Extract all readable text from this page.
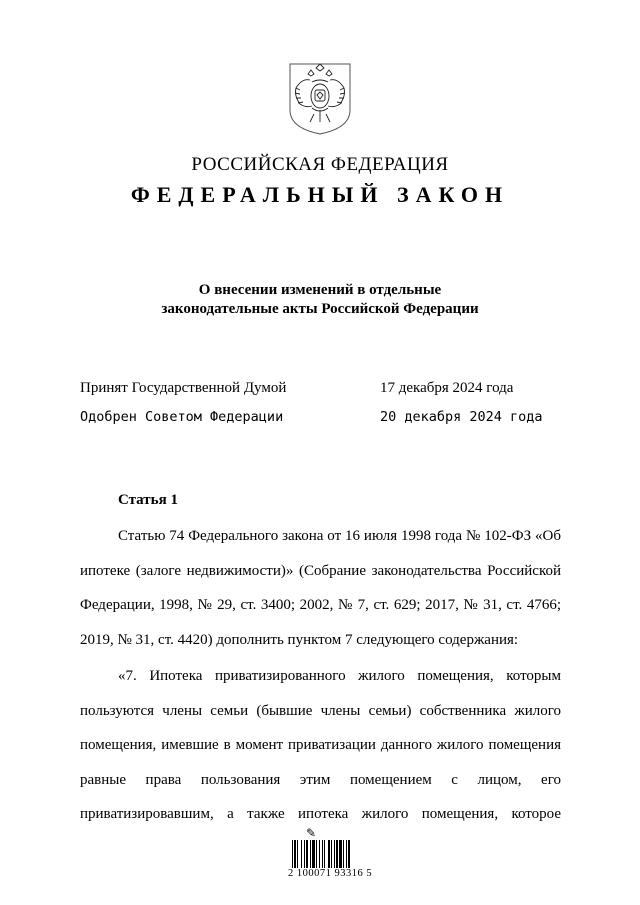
РОССИЙСКАЯ ФЕДЕРАЦИЯ
ФЕДЕРАЛЬНЫЙ ЗАКОН
О внесении изменений в отдельные
законодательные акты Российской Федерации
Принят Государственной Думой	17 декабря 2024 года
Одобрен Советом Федерации	20 декабря 2024 года
Статья 1
Статью 74 Федерального закона от 16 июля 1998 года № 102-ФЗ «Об
ипотеке (залоге недвижимости)» (Собрание законодательства Российской
Федерации, 1998, № 29, ст. 3400; 2002, № 7, ст. 629; 2017, № 31, ст. 4766;
2019, № 31, ст. 4420) дополнить пунктом 7 следующего содержания:
«7. Ипотека приватизированного жилого помещения, которым
пользуются члены семьи (бывшие члены семьи) собственника жилого
помещения, имевшие в момент приватизации данного жилого помещения
равные права пользования этим помещением с лицом, его
приватизировавшим, а также ипотека жилого помещения, которое
✎
2 100071 93316 5
